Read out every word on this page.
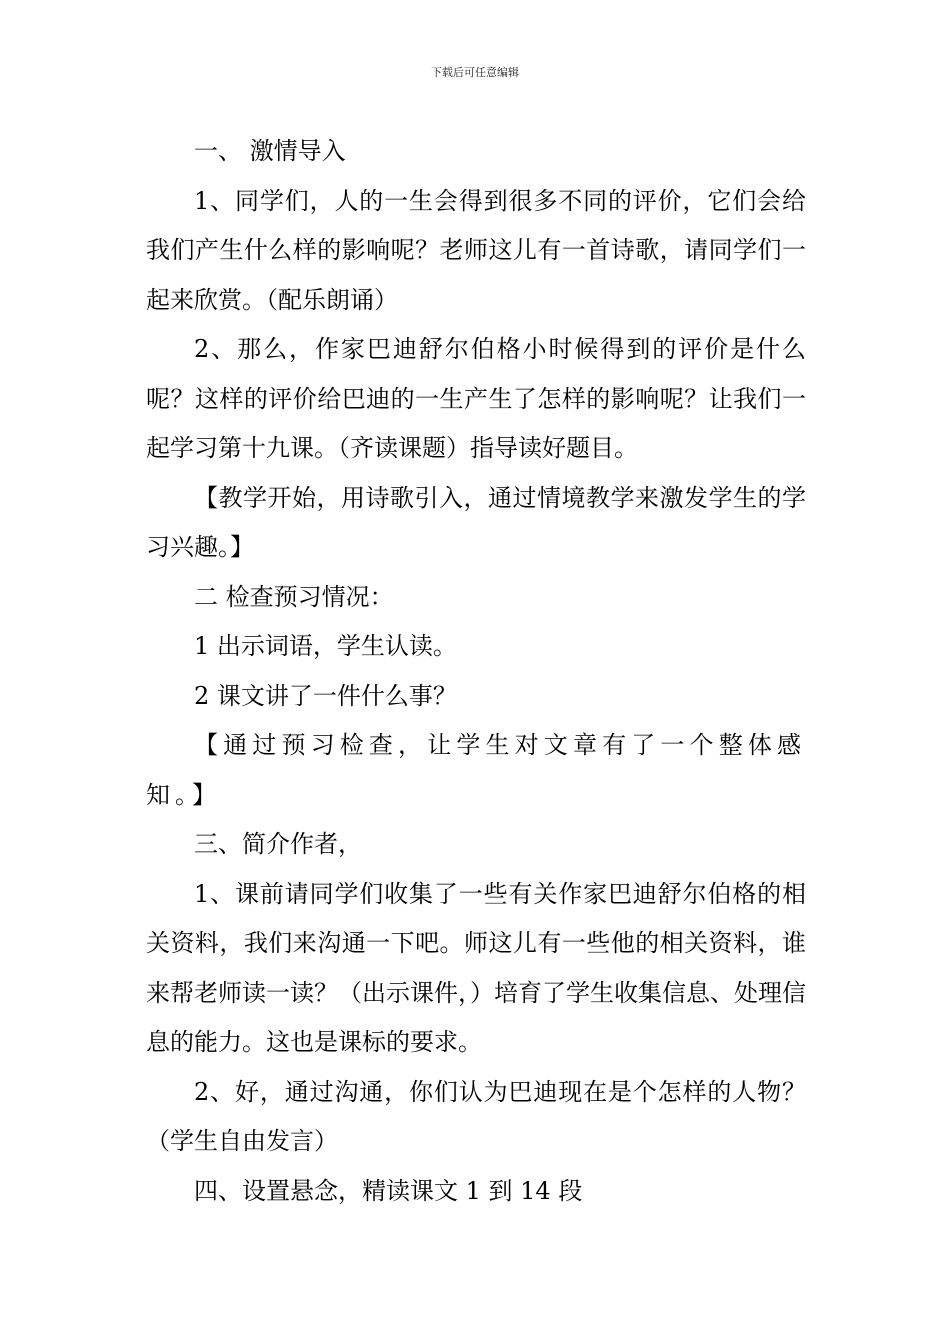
下载后可任意编辑

一、 激情导入

1、同学们，人的一生会得到很多不同的评价，它们会给我们产生什么样的影响呢？老师这儿有一首诗歌，请同学们一起来欣赏。（配乐朗诵）

2、那么，作家巴迪舒尔伯格小时候得到的评价是什么呢？这样的评价给巴迪的一生产生了怎样的影响呢？让我们一起学习第十九课。（齐读课题）指导读好题目。

【教学开始，用诗歌引入，通过情境教学来激发学生的学习兴趣。】

二 检查预习情况：

1 出示词语，学生认读。

2 课文讲了一件什么事？

【通过预习检查，让学生对文章有了一个整体感知。】

三、简介作者，

1、课前请同学们收集了一些有关作家巴迪舒尔伯格的相关资料，我们来沟通一下吧。师这儿有一些他的相关资料，谁来帮老师读一读？（出示课件，）培育了学生收集信息、处理信息的能力。这也是课标的要求。

2、好，通过沟通，你们认为巴迪现在是个怎样的人物？（学生自由发言）

四、设置悬念，精读课文 1 到 14 段
